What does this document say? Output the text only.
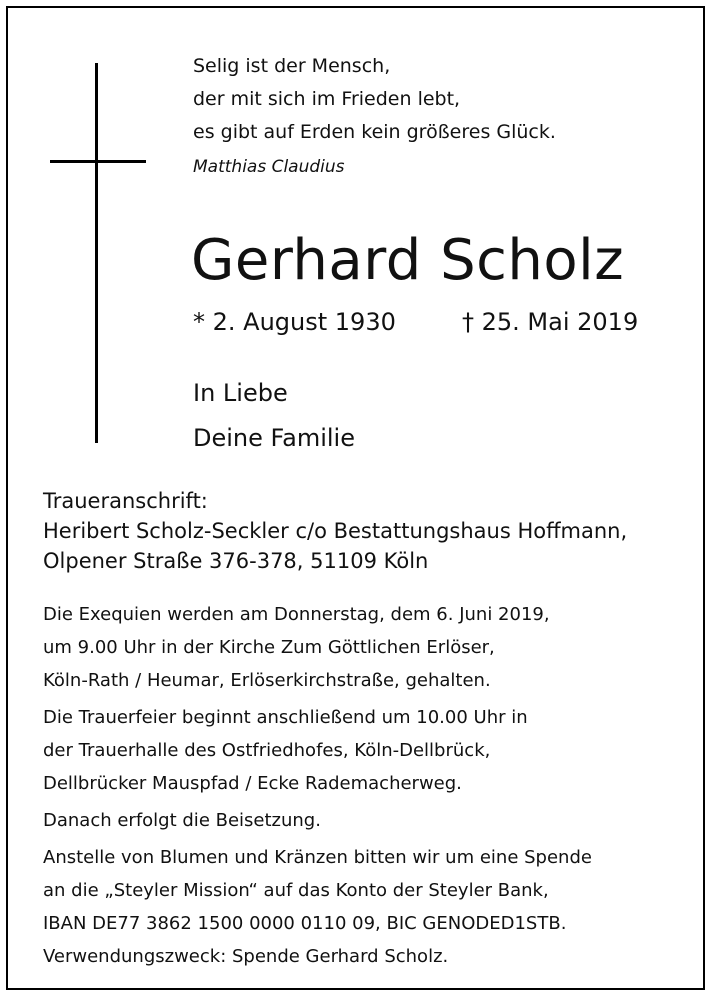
Selig ist der Mensch,
der mit sich im Frieden lebt,
es gibt auf Erden kein größeres Glück.
Matthias Claudius
Gerhard Scholz
* 2. August 1930	† 25. Mai 2019
In Liebe
Deine Familie
Traueranschrift:
Heribert Scholz-Seckler c/o Bestattungshaus Hoffmann,
Olpener Straße 376-378, 51109 Köln
Die Exequien werden am Donnerstag, dem 6. Juni 2019,
um 9.00 Uhr in der Kirche Zum Göttlichen Erlöser,
Köln-Rath / Heumar, Erlöserkirchstraße, gehalten.
Die Trauerfeier beginnt anschließend um 10.00 Uhr in
der Trauerhalle des Ostfriedhofes, Köln-Dellbrück,
Dellbrücker Mauspfad / Ecke Rademacherweg.
Danach erfolgt die Beisetzung.
Anstelle von Blumen und Kränzen bitten wir um eine Spende
an die „Steyler Mission“ auf das Konto der Steyler Bank,
IBAN DE77 3862 1500 0000 0110 09, BIC GENODED1STB.
Verwendungszweck: Spende Gerhard Scholz.
